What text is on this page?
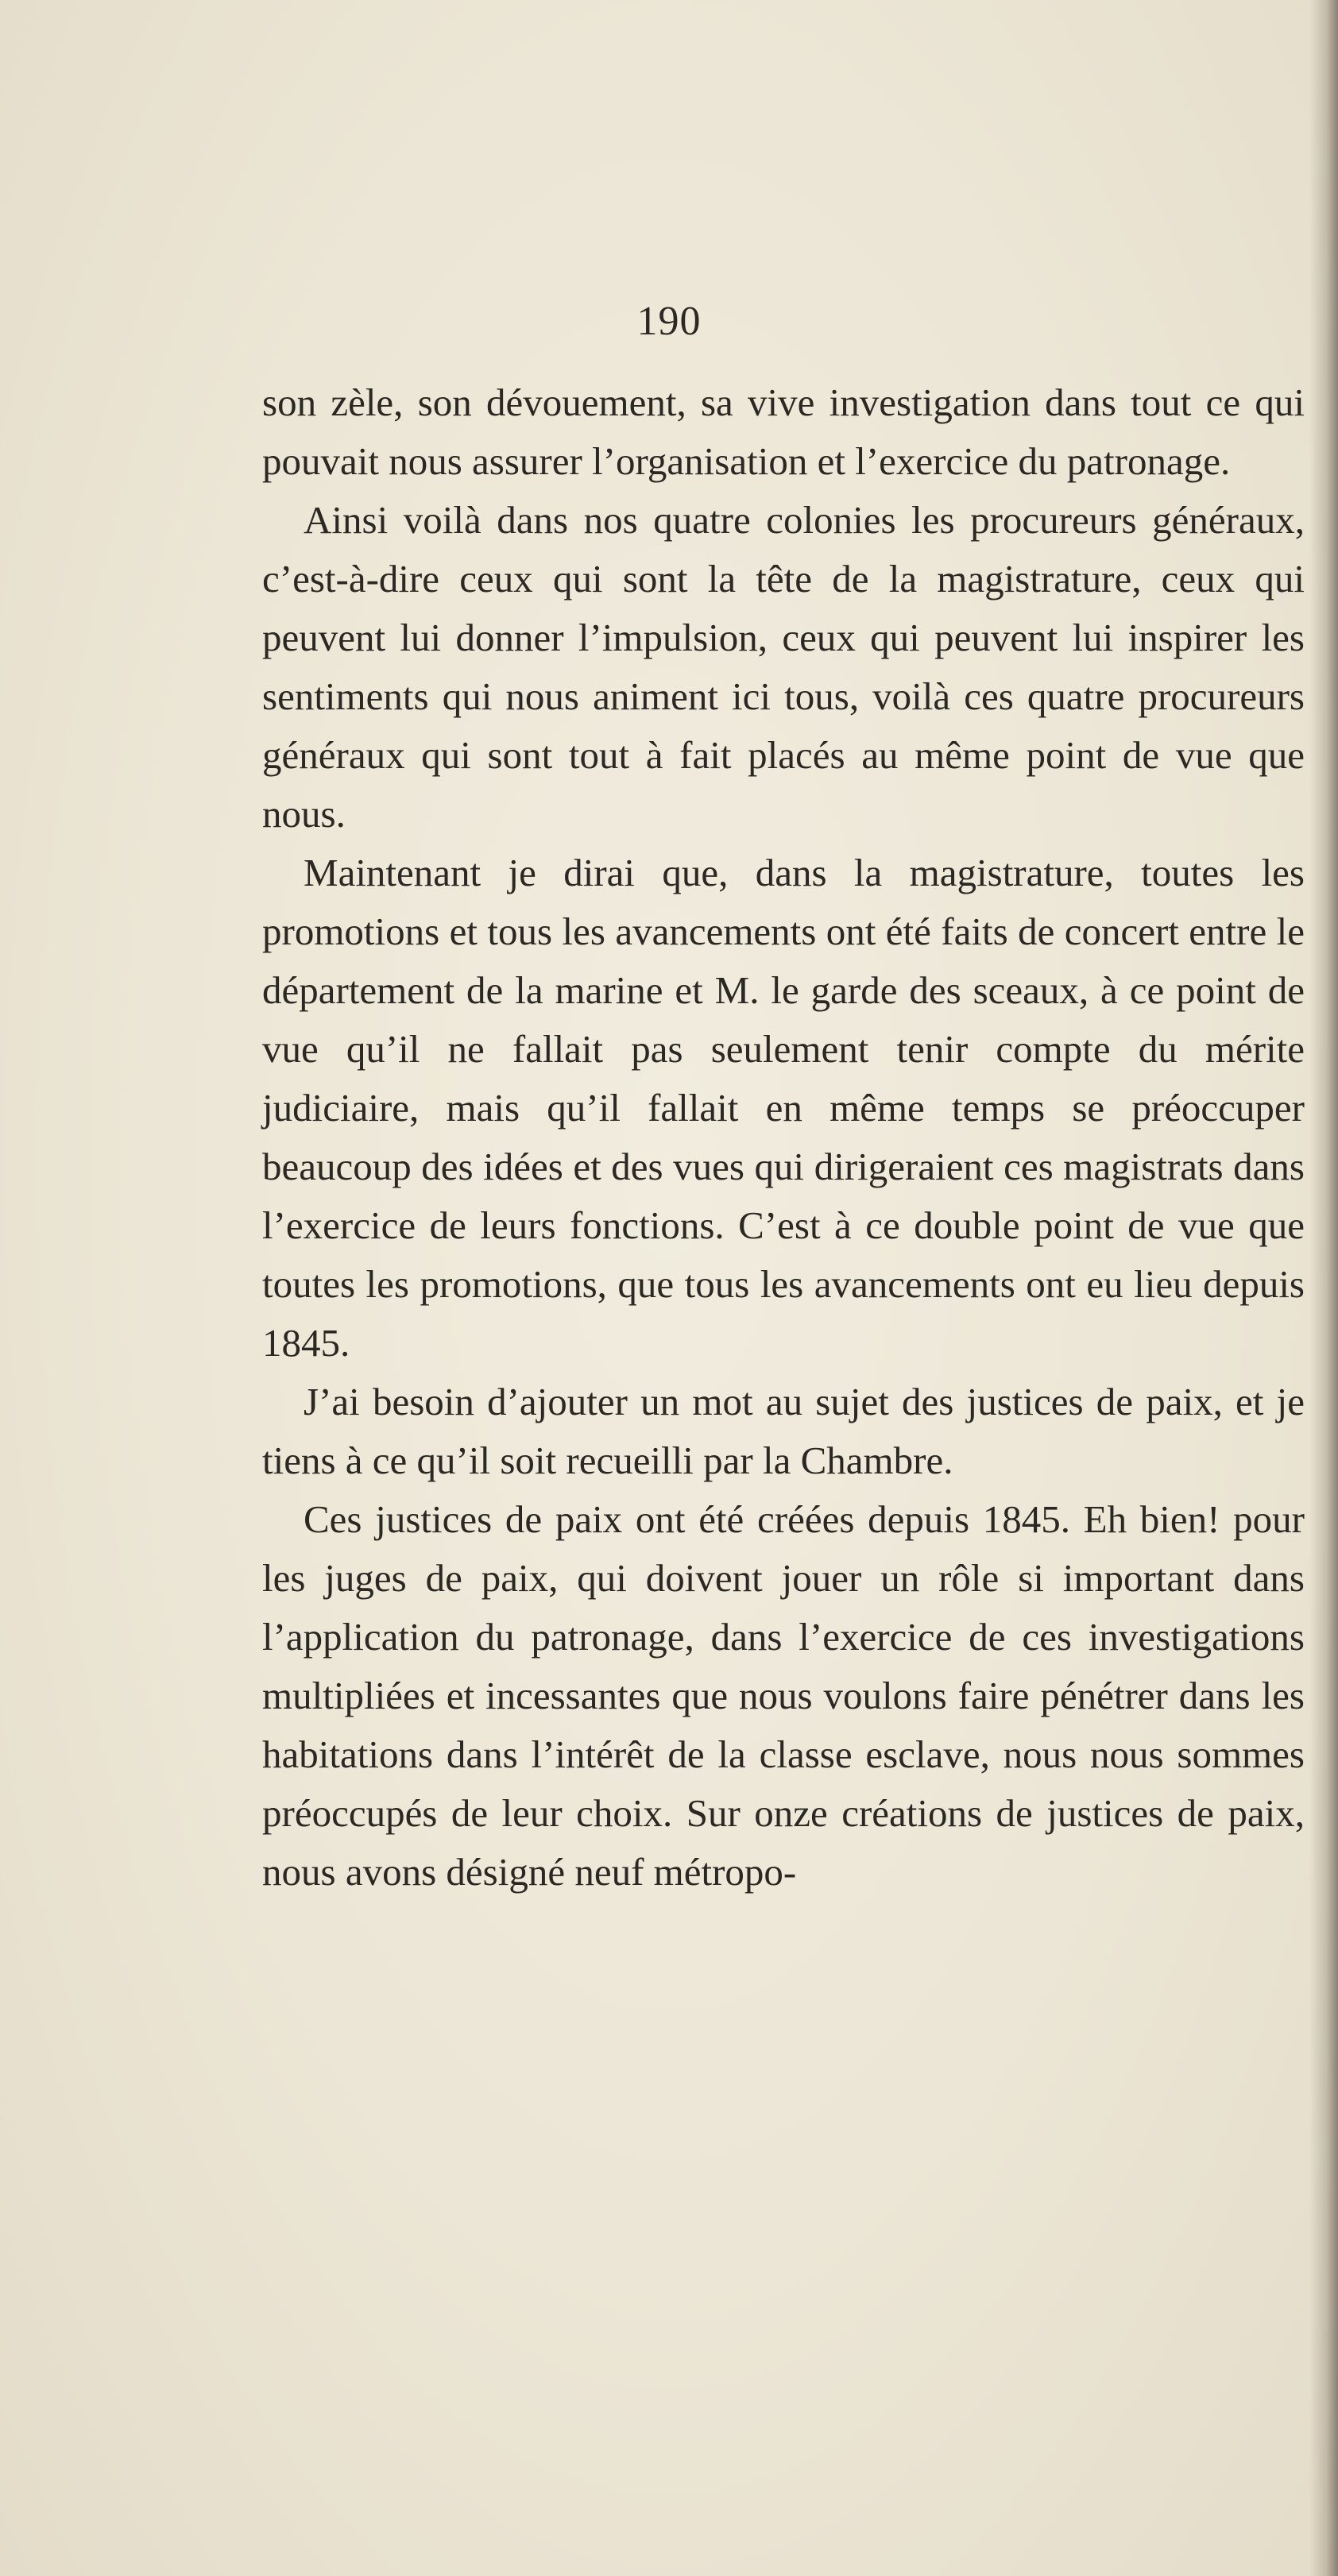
190

son zèle, son dévouement, sa vive investigation dans tout ce qui pouvait nous assurer l’organisation et l’exercice du patronage.

Ainsi voilà dans nos quatre colonies les procureurs généraux, c’est-à-dire ceux qui sont la tête de la magistrature, ceux qui peuvent lui donner l’impulsion, ceux qui peuvent lui inspirer les sentiments qui nous animent ici tous, voilà ces quatre procureurs généraux qui sont tout à fait placés au même point de vue que nous.

Maintenant je dirai que, dans la magistrature, toutes les promotions et tous les avancements ont été faits de concert entre le département de la marine et M. le garde des sceaux, à ce point de vue qu’il ne fallait pas seulement tenir compte du mérite judiciaire, mais qu’il fallait en même temps se préoccuper beaucoup des idées et des vues qui dirigeraient ces magistrats dans l’exercice de leurs fonctions. C’est à ce double point de vue que toutes les promotions, que tous les avancements ont eu lieu depuis 1845.

J’ai besoin d’ajouter un mot au sujet des justices de paix, et je tiens à ce qu’il soit recueilli par la Chambre.

Ces justices de paix ont été créées depuis 1845. Eh bien! pour les juges de paix, qui doivent jouer un rôle si important dans l’application du patronage, dans l’exercice de ces investigations multipliées et incessantes que nous voulons faire pénétrer dans les habitations dans l’intérêt de la classe esclave, nous nous sommes préoccupés de leur choix. Sur onze créations de justices de paix, nous avons désigné neuf métropo-
